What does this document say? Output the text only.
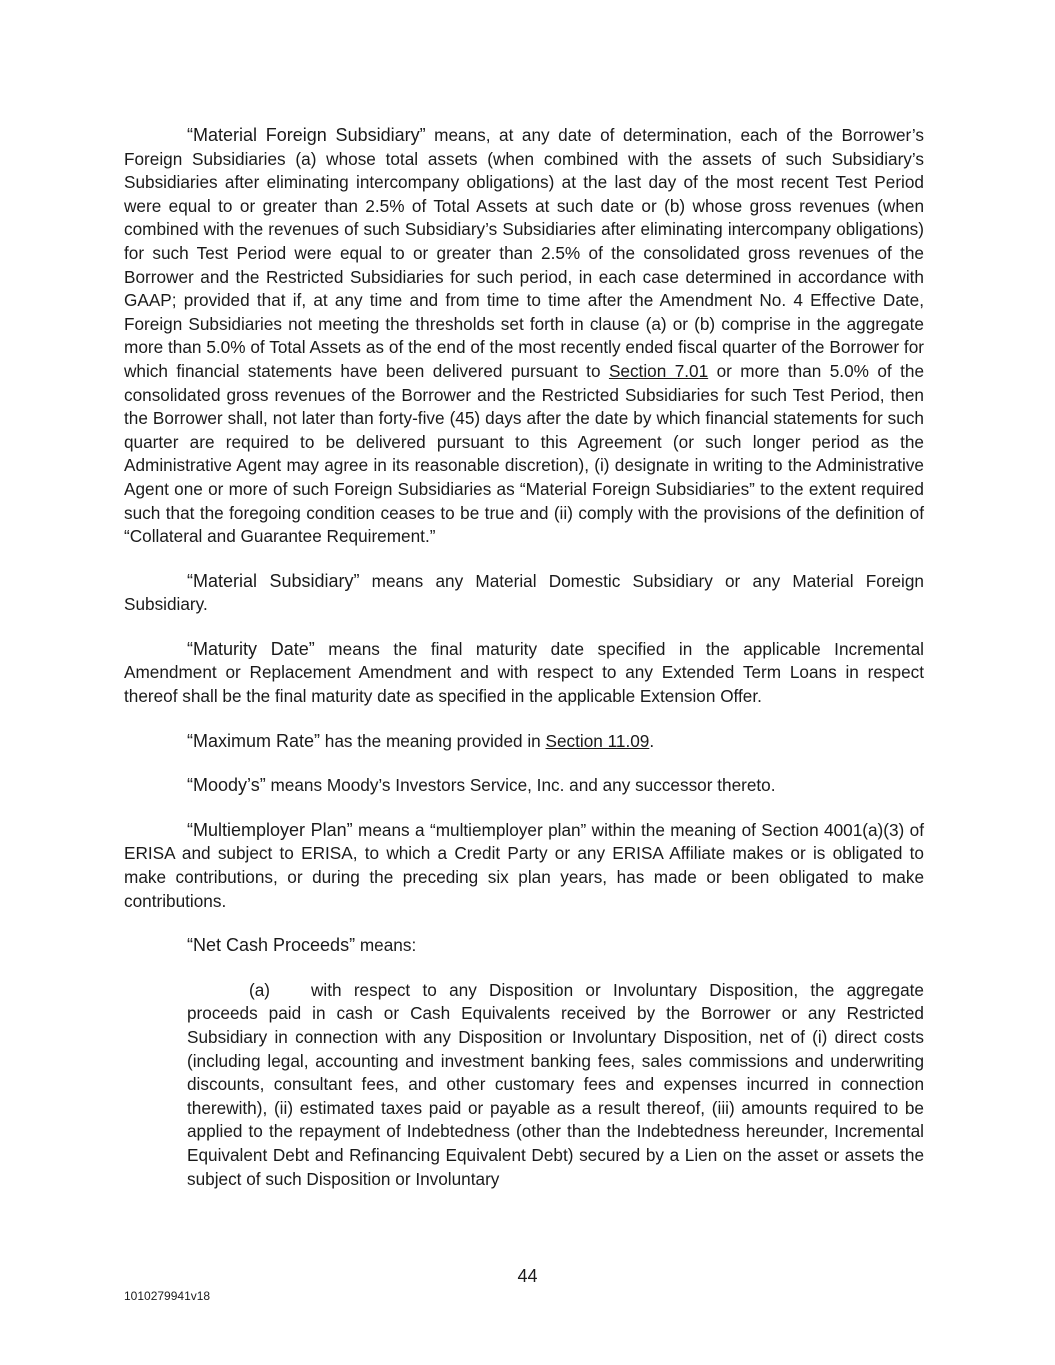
“Material Foreign Subsidiary” means, at any date of determination, each of the Borrower’s Foreign Subsidiaries (a) whose total assets (when combined with the assets of such Subsidiary’s Subsidiaries after eliminating intercompany obligations) at the last day of the most recent Test Period were equal to or greater than 2.5% of Total Assets at such date or (b) whose gross revenues (when combined with the revenues of such Subsidiary’s Subsidiaries after eliminating intercompany obligations) for such Test Period were equal to or greater than 2.5% of the consolidated gross revenues of the Borrower and the Restricted Subsidiaries for such period, in each case determined in accordance with GAAP; provided that if, at any time and from time to time after the Amendment No. 4 Effective Date, Foreign Subsidiaries not meeting the thresholds set forth in clause (a) or (b) comprise in the aggregate more than 5.0% of Total Assets as of the end of the most recently ended fiscal quarter of the Borrower for which financial statements have been delivered pursuant to Section 7.01 or more than 5.0% of the consolidated gross revenues of the Borrower and the Restricted Subsidiaries for such Test Period, then the Borrower shall, not later than forty-five (45) days after the date by which financial statements for such quarter are required to be delivered pursuant to this Agreement (or such longer period as the Administrative Agent may agree in its reasonable discretion), (i) designate in writing to the Administrative Agent one or more of such Foreign Subsidiaries as “Material Foreign Subsidiaries” to the extent required such that the foregoing condition ceases to be true and (ii) comply with the provisions of the definition of “Collateral and Guarantee Requirement.”

“Material Subsidiary” means any Material Domestic Subsidiary or any Material Foreign Subsidiary.

“Maturity Date” means the final maturity date specified in the applicable Incremental Amendment or Replacement Amendment and with respect to any Extended Term Loans in respect thereof shall be the final maturity date as specified in the applicable Extension Offer.

“Maximum Rate” has the meaning provided in Section 11.09.

“Moody’s” means Moody’s Investors Service, Inc. and any successor thereto.

“Multiemployer Plan” means a “multiemployer plan” within the meaning of Section 4001(a)(3) of ERISA and subject to ERISA, to which a Credit Party or any ERISA Affiliate makes or is obligated to make contributions, or during the preceding six plan years, has made or been obligated to make contributions.

“Net Cash Proceeds” means:

(a) with respect to any Disposition or Involuntary Disposition, the aggregate proceeds paid in cash or Cash Equivalents received by the Borrower or any Restricted Subsidiary in connection with any Disposition or Involuntary Disposition, net of (i) direct costs (including legal, accounting and investment banking fees, sales commissions and underwriting discounts, consultant fees, and other customary fees and expenses incurred in connection therewith), (ii) estimated taxes paid or payable as a result thereof, (iii) amounts required to be applied to the repayment of Indebtedness (other than the Indebtedness hereunder, Incremental Equivalent Debt and Refinancing Equivalent Debt) secured by a Lien on the asset or assets the subject of such Disposition or Involuntary

44
1010279941v18
